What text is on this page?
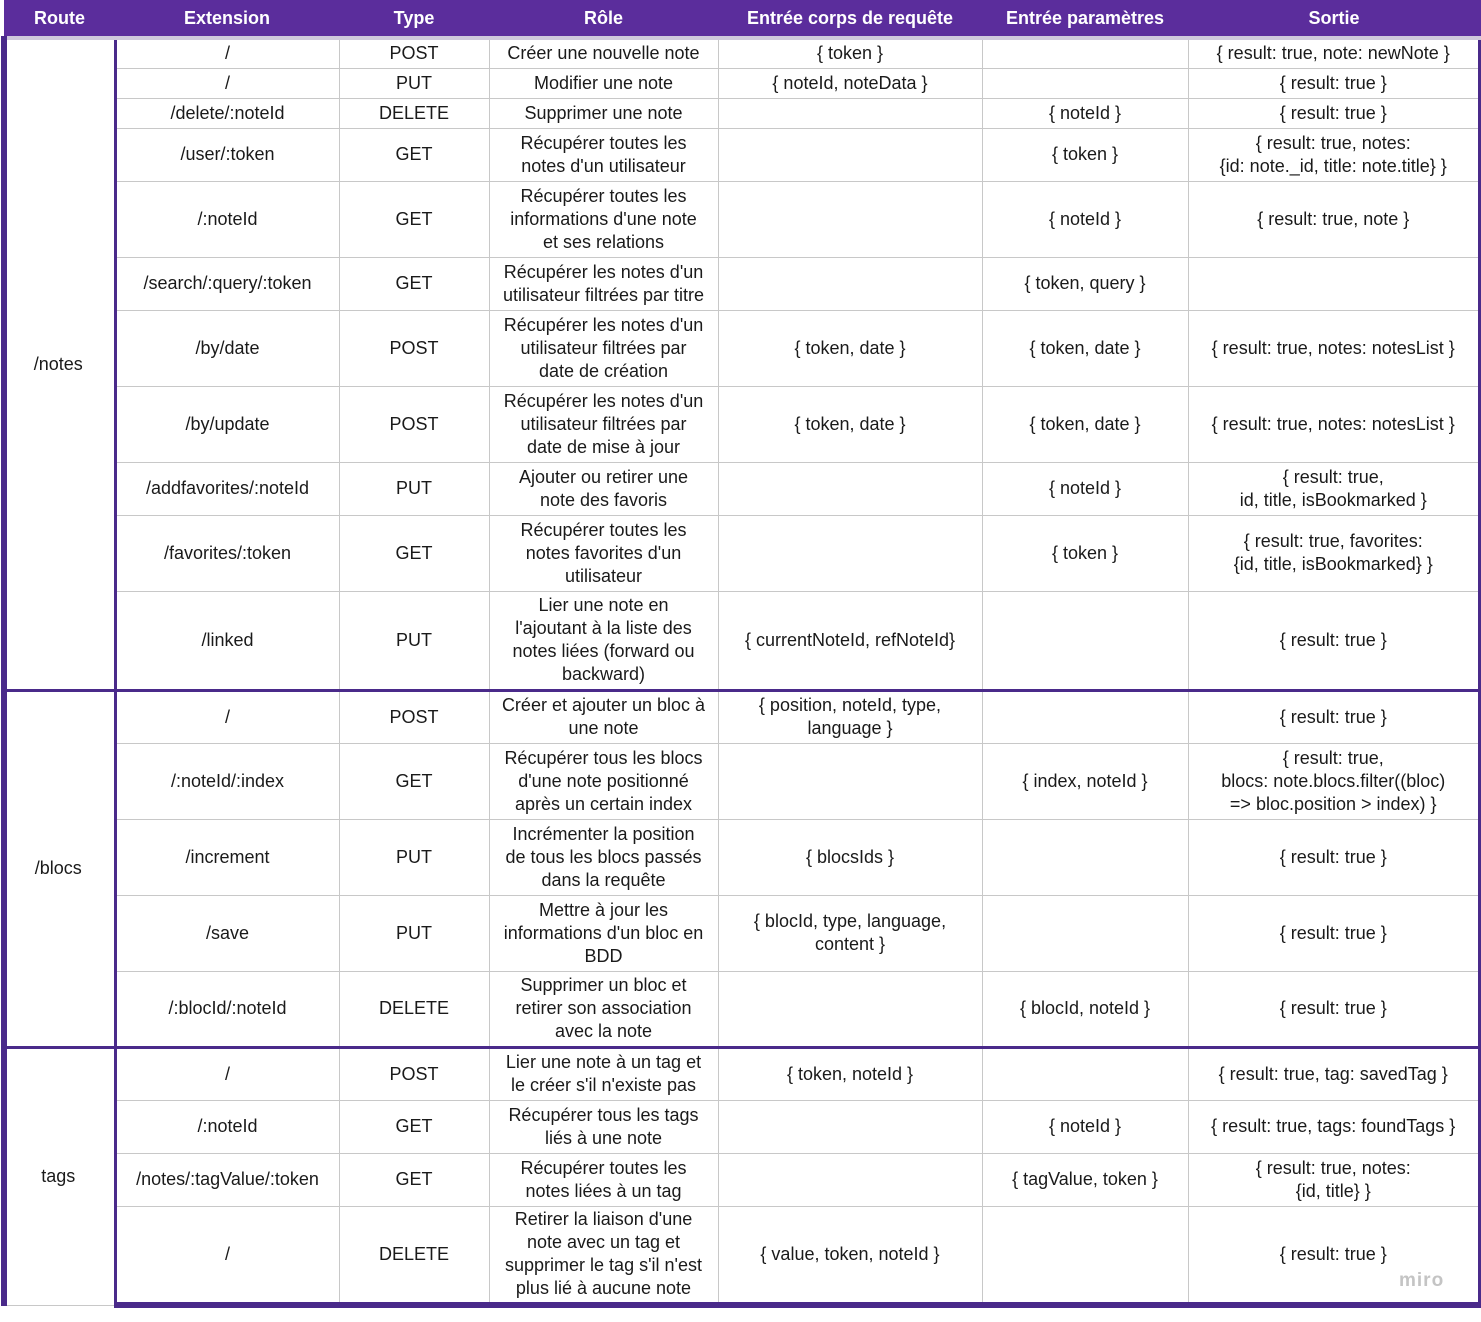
Route	Extension	Type	Rôle	Entrée corps de requête	Entrée paramètres	Sortie
/notes	/	POST	Créer une nouvelle note	{ token }		{ result: true, note: newNote }
	/	PUT	Modifier une note	{ noteId, noteData }		{ result: true }
	/delete/:noteId	DELETE	Supprimer une note		{ noteId }	{ result: true }
	/user/:token	GET	Récupérer toutes les
notes d'un utilisateur		{ token }	{ result: true, notes:
{id: note._id, title: note.title} }
	/:noteId	GET	Récupérer toutes les
informations d'une note
et ses relations		{ noteId }	{ result: true, note }
	/search/:query/:token	GET	Récupérer les notes d'un
utilisateur filtrées par titre		{ token, query }	
	/by/date	POST	Récupérer les notes d'un
utilisateur filtrées par
date de création	{ token, date }	{ token, date }	{ result: true, notes: notesList }
	/by/update	POST	Récupérer les notes d'un
utilisateur filtrées par
date de mise à jour	{ token, date }	{ token, date }	{ result: true, notes: notesList }
	/addfavorites/:noteId	PUT	Ajouter ou retirer une
note des favoris		{ noteId }	{ result: true,
id, title, isBookmarked }
	/favorites/:token	GET	Récupérer toutes les
notes favorites d'un
utilisateur		{ token }	{ result: true, favorites:
{id, title, isBookmarked} }
	/linked	PUT	Lier une note en
l'ajoutant à la liste des
notes liées (forward ou
backward)	{ currentNoteId, refNoteId}		{ result: true }
/blocs	/	POST	Créer et ajouter un bloc à
une note	{ position, noteId, type,
language }		{ result: true }
	/:noteId/:index	GET	Récupérer tous les blocs
d'une note positionné
après un certain index		{ index, noteId }	{ result: true,
blocs: note.blocs.filter((bloc)
=> bloc.position > index) }
	/increment	PUT	Incrémenter la position
de tous les blocs passés
dans la requête	{ blocsIds }		{ result: true }
	/save	PUT	Mettre à jour les
informations d'un bloc en
BDD	{ blocId, type, language,
content }		{ result: true }
	/:blocId/:noteId	DELETE	Supprimer un bloc et
retirer son association
avec la note		{ blocId, noteId }	{ result: true }
tags	/	POST	Lier une note à un tag et
le créer s'il n'existe pas	{ token, noteId }		{ result: true, tag: savedTag }
	/:noteId	GET	Récupérer tous les tags
liés à une note		{ noteId }	{ result: true, tags: foundTags }
	/notes/:tagValue/:token	GET	Récupérer toutes les
notes liées à un tag		{ tagValue, token }	{ result: true, notes:
{id, title} }
	/	DELETE	Retirer la liaison d'une
note avec un tag et
supprimer le tag s'il n'est
plus lié à aucune note	{ value, token, noteId }		{ result: true }
miro
